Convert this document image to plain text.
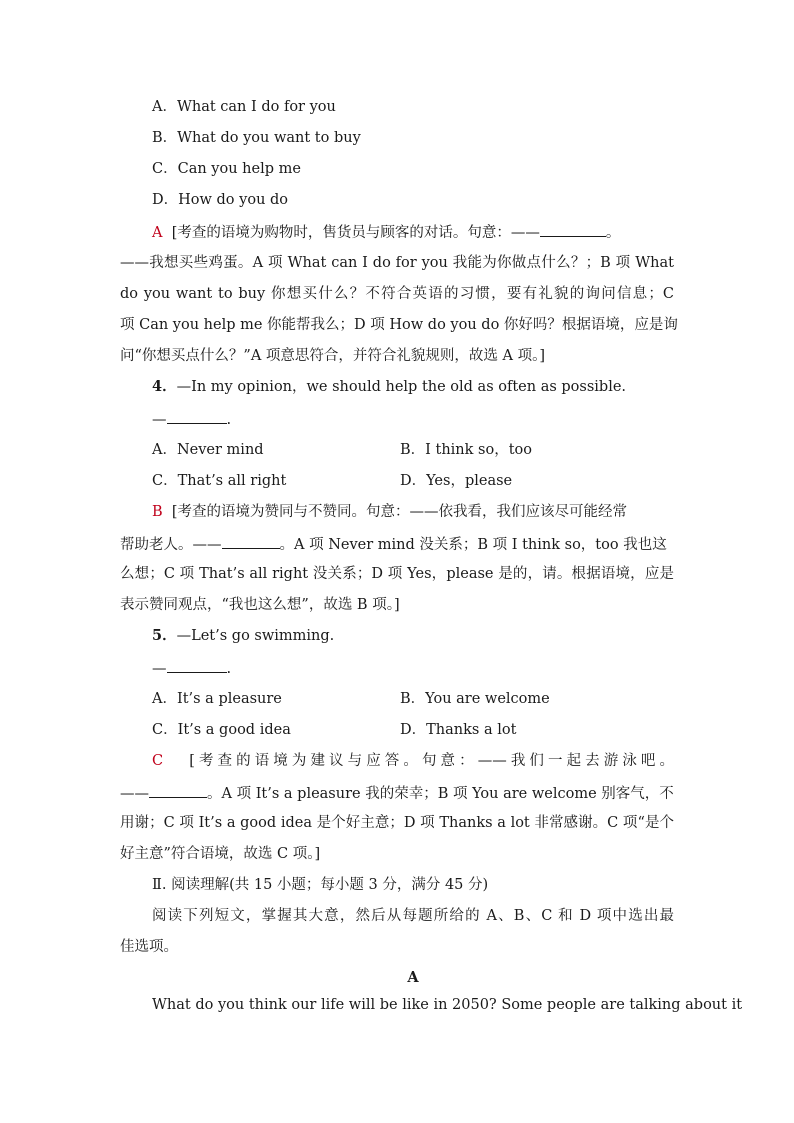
A．What can I do for you
B．What do you want to buy
C．Can you help me
D．How do you do
A [考查的语境为购物时，售货员与顾客的对话。句意：——	。
——我想买些鸡蛋。A 项 What can I do for you 我能为你做点什么？；B 项 What
do you want to buy 你想买什么？不符合英语的习惯，要有礼貌的询问信息；C
项 Can you help me 你能帮我么；D 项 How do you do 你好吗？根据语境，应是询
问“你想买点什么？”A 项意思符合，并符合礼貌规则，故选 A 项。]
4．—In my opinion，we should help the old as often as possible.
—	.
A．Never mind	B．I think so，too
C．That’s all right	D．Yes，please
B [考查的语境为赞同与不赞同。句意：——依我看，我们应该尽可能经常
帮助老人。——	。A 项 Never mind 没关系；B 项 I think so，too 我也这
么想；C 项 That’s all right 没关系；D 项 Yes，please 是的，请。根据语境，应是
表示赞同观点，“我也这么想”，故选 B 项。]
5．—Let’s go swimming.
—	.
A．It’s a pleasure	B．You are welcome
C．It’s a good idea	D．Thanks a lot
C [考查的语境为建议与应答。句意：——我们一起去游泳吧。
——	。A 项 It’s a pleasure 我的荣幸；B 项 You are welcome 别客气，不
用谢；C 项 It’s a good idea 是个好主意；D 项 Thanks a lot 非常感谢。C 项“是个
好主意”符合语境，故选 C 项。]
Ⅱ. 阅读理解(共 15 小题；每小题 3 分，满分 45 分)
阅读下列短文，掌握其大意，然后从每题所给的 A、B、C 和 D 项中选出最
佳选项。
A
What do you think our life will be like in 2050? Some people are talking about it
